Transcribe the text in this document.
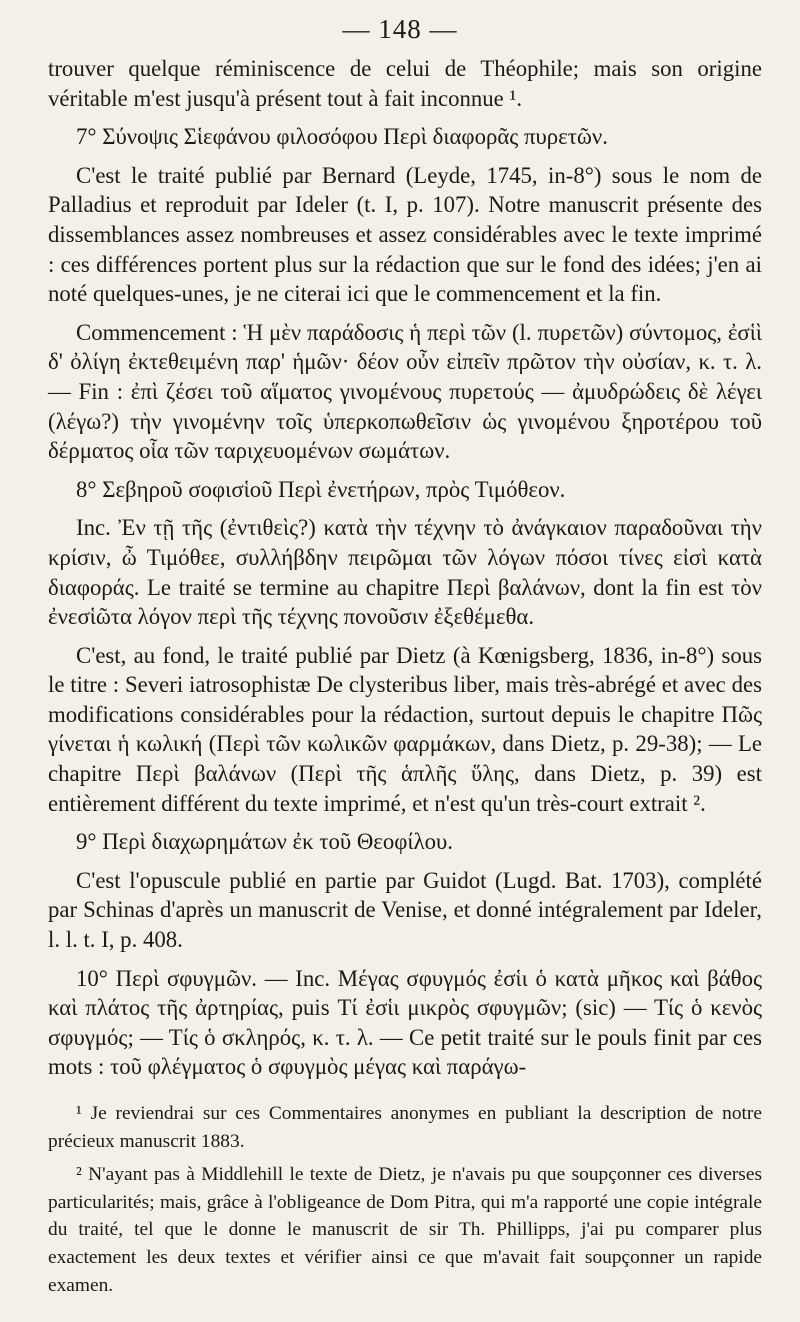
— 148 —

trouver quelque réminiscence de celui de Théophile; mais son origine véritable m'est jusqu'à présent tout à fait inconnue ¹.

7° Σύνοψις Σἱεφάνου φιλοσόφου Περὶ διαφορᾶς πυρετῶν.

C'est le traité publié par Bernard (Leyde, 1745, in-8°) sous le nom de Palladius et reproduit par Ideler (t. I, p. 107). Notre manuscrit présente des dissemblances assez nombreuses et assez considérables avec le texte imprimé : ces différences portent plus sur la rédaction que sur le fond des idées; j'en ai noté quelques-unes, je ne citerai ici que le commencement et la fin.

Commencement : Ἡ μὲν παράδοσις ἡ περὶ τῶν (l. πυρετῶν) σύντομος, ἐσἱὶ δ' ὀλίγη ἐκτεθειμένη παρ' ἡμῶν· δέον οὖν εἰπεῖν πρῶτον τὴν οὐσίαν, κ. τ. λ. — Fin : ἐπὶ ζέσει τοῦ αἵματος γινομένους πυρετούς — ἀμυδρώδεις δὲ λέγει (λέγω?) τὴν γινομένην τοῖς ὑπερκοπωθεῖσιν ὡς γινομένου ξηροτέρου τοῦ δέρματος οἷα τῶν ταριχευομένων σωμάτων.

8° Σεβηροῦ σοφισἱοῦ Περὶ ἐνετήρων, πρὸς Τιμόθεον.

Inc. Ἐν τῇ τῆς (ἐντιθεὶς?) κατὰ τὴν τέχνην τὸ ἀνάγκαιον παραδοῦναι τὴν κρίσιν, ὦ Τιμόθεε, συλλήβδην πειρῶμαι τῶν λόγων πόσοι τίνες εἰσὶ κατὰ διαφοράς. Le traité se termine au chapitre Περὶ βαλάνων, dont la fin est τὸν ἐνεσἱῶτα λόγον περὶ τῆς τέχνης πονοῦσιν ἐξεθέμεθα.

C'est, au fond, le traité publié par Dietz (à Kœnigsberg, 1836, in-8°) sous le titre : Severi iatrosophistæ De clysteribus liber, mais très-abrégé et avec des modifications considérables pour la rédaction, surtout depuis le chapitre Πῶς γίνεται ἡ κωλική (Περὶ τῶν κωλικῶν φαρμάκων, dans Dietz, p. 29-38); — Le chapitre Περὶ βαλάνων (Περὶ τῆς ἁπλῆς ὕλης, dans Dietz, p. 39) est entièrement différent du texte imprimé, et n'est qu'un très-court extrait ².

9° Περὶ διαχωρημάτων ἐκ τοῦ Θεοφίλου.

C'est l'opuscule publié en partie par Guidot (Lugd. Bat. 1703), complété par Schinas d'après un manuscrit de Venise, et donné intégralement par Ideler, l. l. t. I, p. 408.

10° Περὶ σφυγμῶν. — Inc. Μέγας σφυγμός ἐσἱι ὁ κατὰ μῆκος καὶ βάθος καὶ πλάτος τῆς ἀρτηρίας, puis Τί ἐσἱι μικρὸς σφυγμῶν; (sic) — Τίς ὁ κενὸς σφυγμός; — Τίς ὁ σκληρός, κ. τ. λ. — Ce petit traité sur le pouls finit par ces mots : τοῦ φλέγματος ὁ σφυγμὸς μέγας καὶ παράγω-

¹ Je reviendrai sur ces Commentaires anonymes en publiant la description de notre précieux manuscrit 1883.

² N'ayant pas à Middlehill le texte de Dietz, je n'avais pu que soupçonner ces diverses particularités; mais, grâce à l'obligeance de Dom Pitra, qui m'a rapporté une copie intégrale du traité, tel que le donne le manuscrit de sir Th. Phillipps, j'ai pu comparer plus exactement les deux textes et vérifier ainsi ce que m'avait fait soupçonner un rapide examen.
